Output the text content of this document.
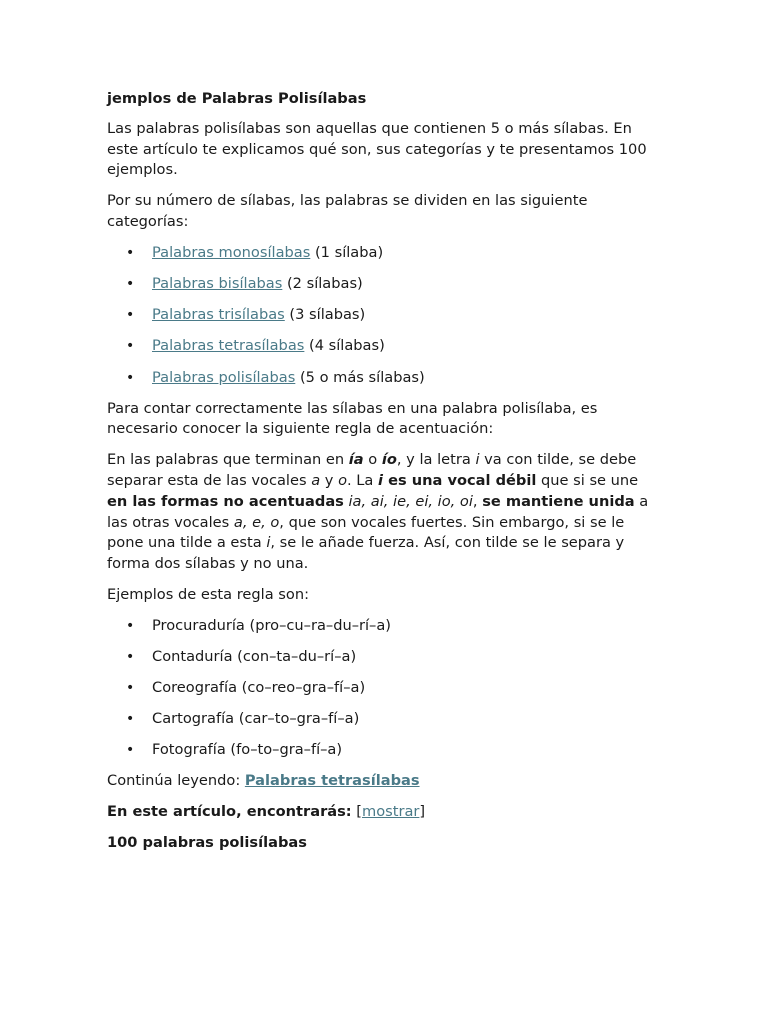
jemplos de Palabras Polisílabas

Las palabras polisílabas son aquellas que contienen 5 o más sílabas. En este artículo te explicamos qué son, sus categorías y te presentamos 100 ejemplos.

Por su número de sílabas, las palabras se dividen en las siguiente categorías:

• Palabras monosílabas (1 sílaba)
• Palabras bisílabas (2 sílabas)
• Palabras trisílabas (3 sílabas)
• Palabras tetrasílabas (4 sílabas)
• Palabras polisílabas (5 o más sílabas)

Para contar correctamente las sílabas en una palabra polisílaba, es necesario conocer la siguiente regla de acentuación:

En las palabras que terminan en ía o ío, y la letra i va con tilde, se debe separar esta de las vocales a y o. La i es una vocal débil que si se une en las formas no acentuadas ia, ai, ie, ei, io, oi, se mantiene unida a las otras vocales a, e, o, que son vocales fuertes. Sin embargo, si se le pone una tilde a esta i, se le añade fuerza. Así, con tilde se le separa y forma dos sílabas y no una.

Ejemplos de esta regla son:

• Procuraduría (pro–cu–ra–du–rí–a)
• Contaduría (con–ta–du–rí–a)
• Coreografía (co–reo–gra–fí–a)
• Cartografía (car–to–gra–fí–a)
• Fotografía (fo–to–gra–fí–a)

Continúa leyendo: Palabras tetrasílabas

En este artículo, encontrarás: [mostrar]

100 palabras polisílabas
